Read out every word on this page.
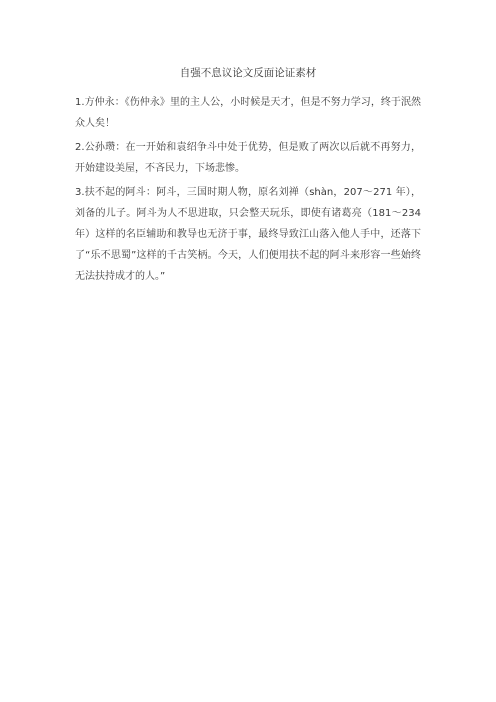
自强不息议论文反面论证素材

1.方仲永：《伤仲永》里的主人公，小时候是天才，但是不努力学习，终于泯然众人矣！

2.公孙瓒：在一开始和袁绍争斗中处于优势，但是败了两次以后就不再努力，开始建设美屋，不吝民力，下场悲惨。

3.扶不起的阿斗：阿斗，三国时期人物，原名刘禅（shàn，207～271 年），刘备的儿子。阿斗为人不思进取，只会整天玩乐，即使有诸葛亮（181～234 年）这样的名臣辅助和教导也无济于事，最终导致江山落入他人手中，还落下了“乐不思蜀”这样的千古笑柄。今天，人们便用扶不起的阿斗来形容一些始终无法扶持成才的人。”
